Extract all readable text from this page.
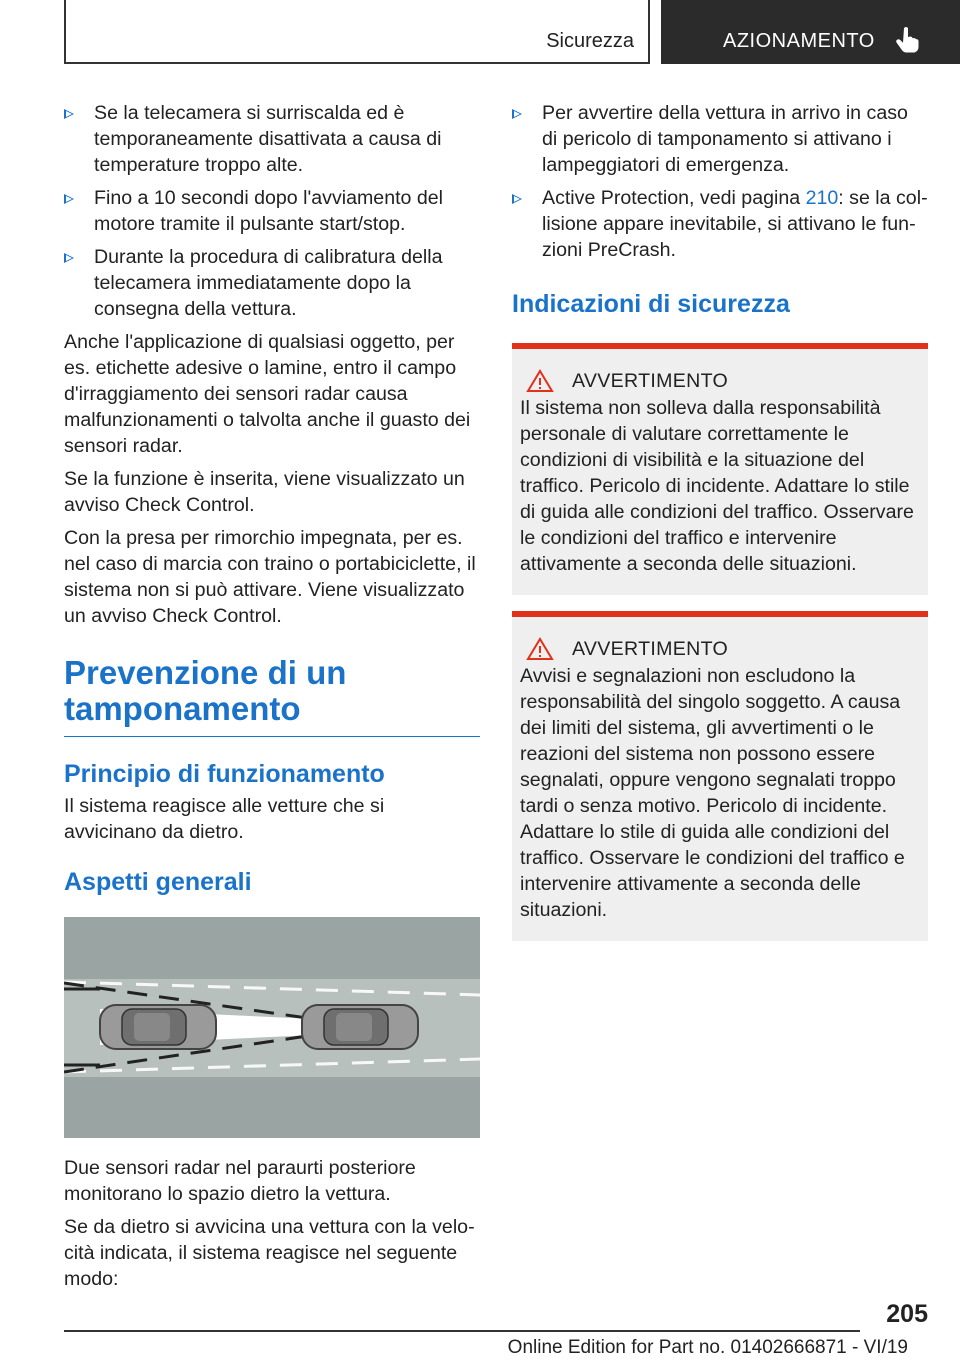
Sicurezza	AZIONAMENTO
Se la telecamera si surriscalda ed è temporaneamente disattivata a causa di temperature troppo alte.
Fino a 10 secondi dopo l'avviamento del motore tramite il pulsante start/stop.
Durante la procedura di calibratura della telecamera immediatamente dopo la consegna della vettura.

Anche l'applicazione di qualsiasi oggetto, per es. etichette adesive o lamine, entro il campo d'irraggiamento dei sensori radar causa malfunzionamenti o talvolta anche il guasto dei sensori radar.

Se la funzione è inserita, viene visualizzato un avviso Check Control.

Con la presa per rimorchio impegnata, per es. nel caso di marcia con traino o portabiciclette, il sistema non si può attivare. Viene visualizzato un avviso Check Control.

Prevenzione di un tamponamento
Principio di funzionamento

Il sistema reagisce alle vetture che si avvicinano da dietro.

Aspetti generali

Due sensori radar nel paraurti posteriore monitorano lo spazio dietro la vettura.

Se da dietro si avvicina una vettura con la velocità indicata, il sistema reagisce nel seguente modo:

Per avvertire della vettura in arrivo in caso di pericolo di tamponamento si attivano i lampeggiatori di emergenza.
Active Protection, vedi pagina 210: se la collisione appare inevitabile, si attivano le funzioni PreCrash.
Indicazioni di sicurezza
AVVERTIMENTO

Il sistema non solleva dalla responsabilità personale di valutare correttamente le condizioni di visibilità e la situazione del traffico. Pericolo di incidente. Adattare lo stile di guida alle condizioni del traffico. Osservare le condizioni del traffico e intervenire attivamente a seconda delle situazioni.

AVVERTIMENTO

Avvisi e segnalazioni non escludono la responsabilità del singolo soggetto. A causa dei limiti del sistema, gli avvertimenti o le reazioni del sistema non possono essere segnalati, oppure vengono segnalati troppo tardi o senza motivo. Pericolo di incidente. Adattare lo stile di guida alle condizioni del traffico. Osservare le condizioni del traffico e intervenire attivamente a seconda delle situazioni.

205
Online Edition for Part no. 01402666871 - VI/19
